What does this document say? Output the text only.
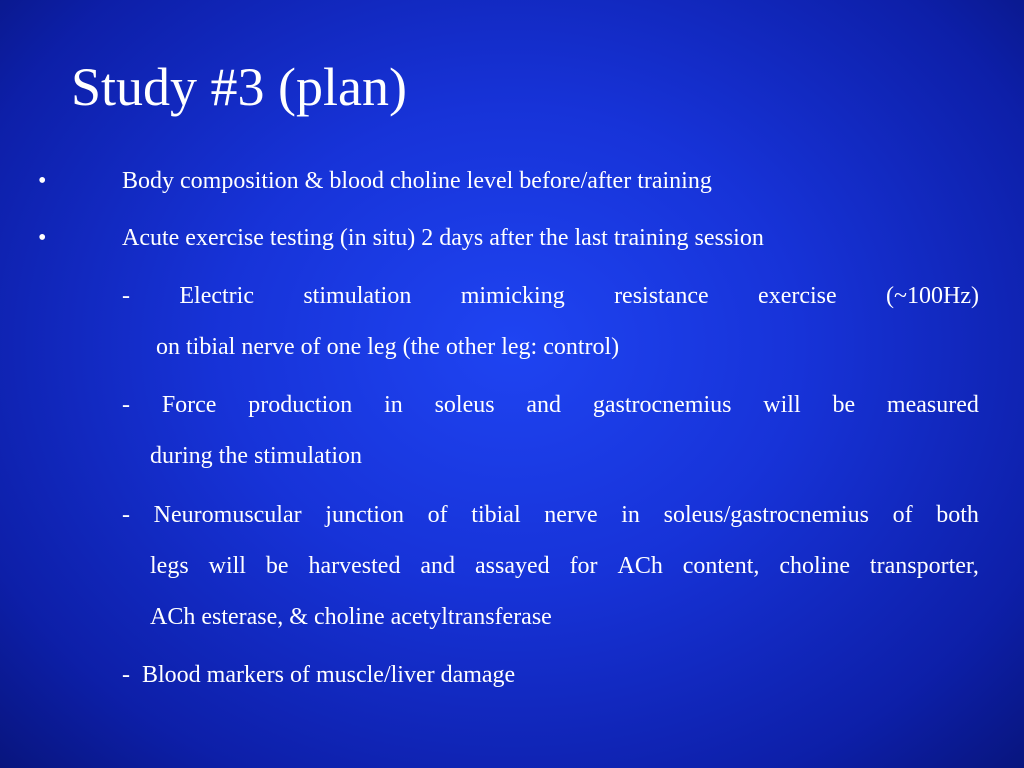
Study #3 (plan)
•	Body composition & blood choline level before/after training
•	Acute exercise testing (in situ) 2 days after the last training session
- Electric stimulation mimicking resistance exercise (~100Hz)
on tibial nerve of one leg (the other leg: control)
- Force production in soleus and gastrocnemius will be measured
during the stimulation
- Neuromuscular junction of tibial nerve in soleus/gastrocnemius of both
legs will be harvested and assayed for ACh content, choline transporter,
ACh esterase, & choline acetyltransferase
-  Blood markers of muscle/liver damage
